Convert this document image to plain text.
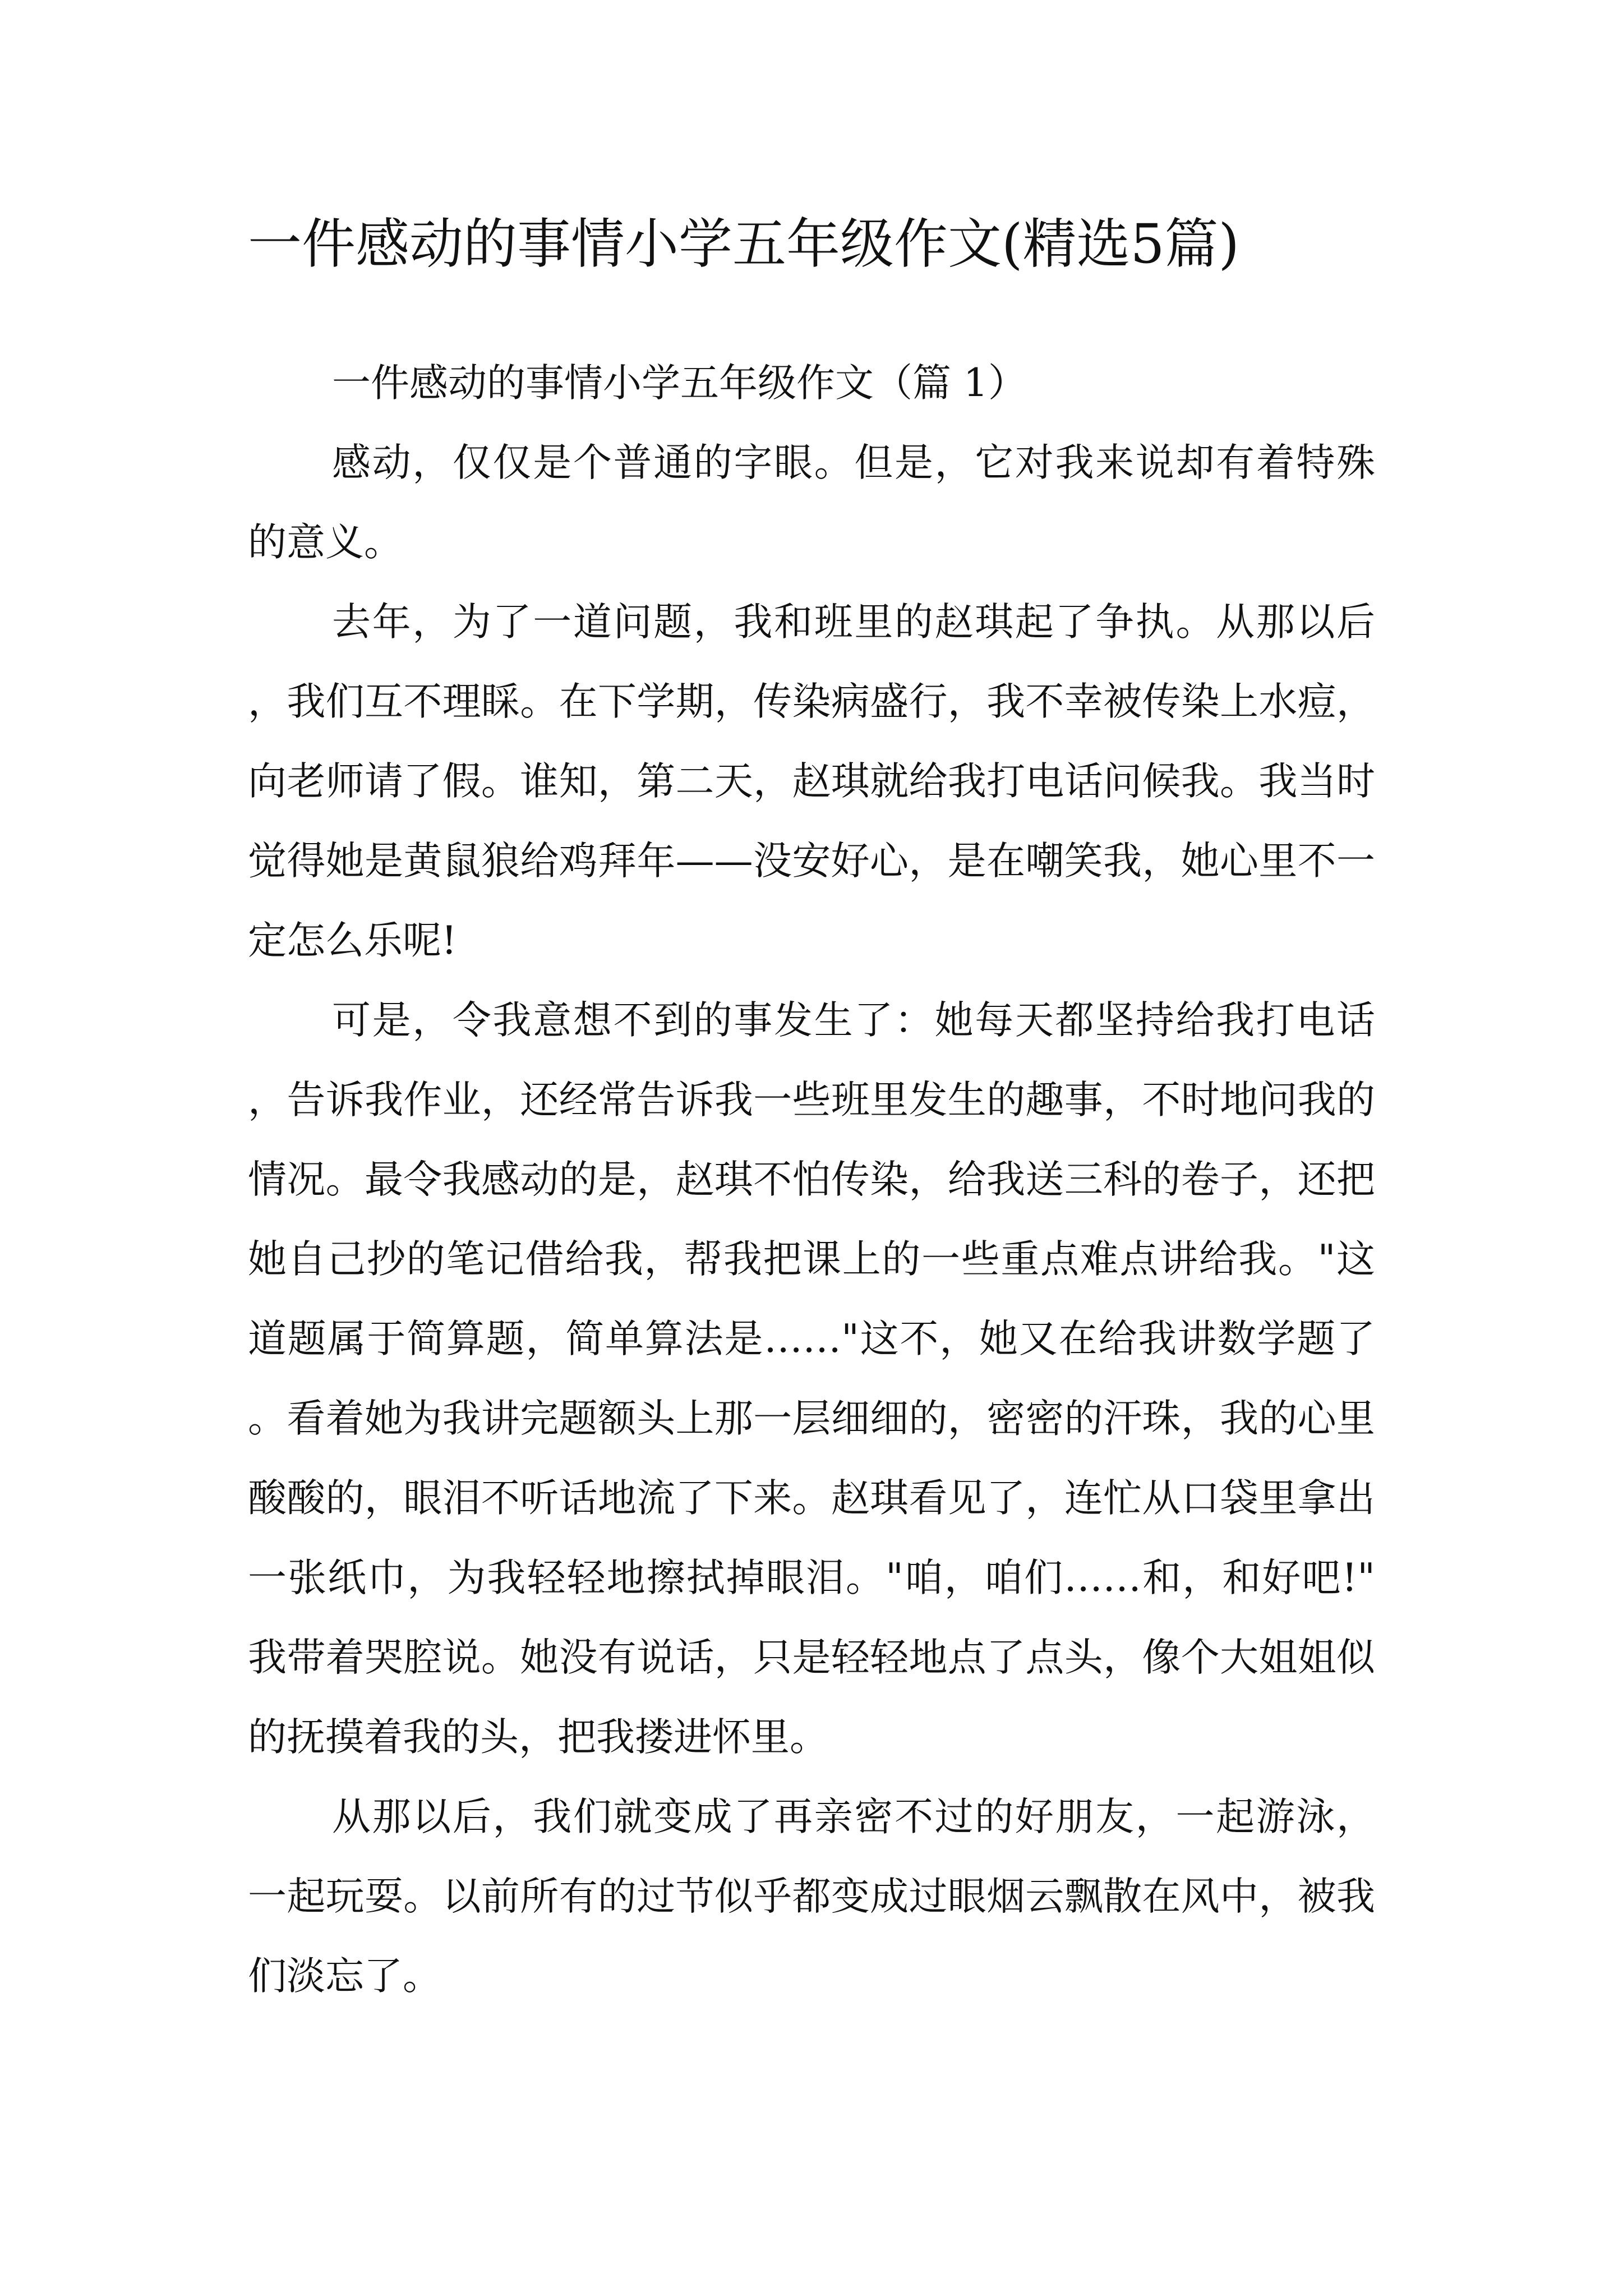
一件感动的事情小学五年级作文(精选5篇)
一件感动的事情小学五年级作文（篇 1）

感动，仅仅是个普通的字眼。但是，它对我来说却有着特殊的意义。

去年，为了一道问题，我和班里的赵琪起了争执。从那以后，我们互不理睬。在下学期，传染病盛行，我不幸被传染上水痘，向老师请了假。谁知，第二天，赵琪就给我打电话问候我。我当时觉得她是黄鼠狼给鸡拜年——没安好心，是在嘲笑我，她心里不一定怎么乐呢!

可是，令我意想不到的事发生了：她每天都坚持给我打电话，告诉我作业，还经常告诉我一些班里发生的趣事，不时地问我的情况。最令我感动的是，赵琪不怕传染，给我送三科的卷子，还把她自己抄的笔记借给我，帮我把课上的一些重点难点讲给我。"这道题属于简算题，简单算法是……"这不，她又在给我讲数学题了。看着她为我讲完题额头上那一层细细的，密密的汗珠，我的心里酸酸的，眼泪不听话地流了下来。赵琪看见了，连忙从口袋里拿出一张纸巾，为我轻轻地擦拭掉眼泪。"咱，咱们……和，和好吧!"我带着哭腔说。她没有说话，只是轻轻地点了点头，像个大姐姐似的抚摸着我的头，把我搂进怀里。

从那以后，我们就变成了再亲密不过的好朋友，一起游泳，一起玩耍。以前所有的过节似乎都变成过眼烟云飘散在风中，被我们淡忘了。
